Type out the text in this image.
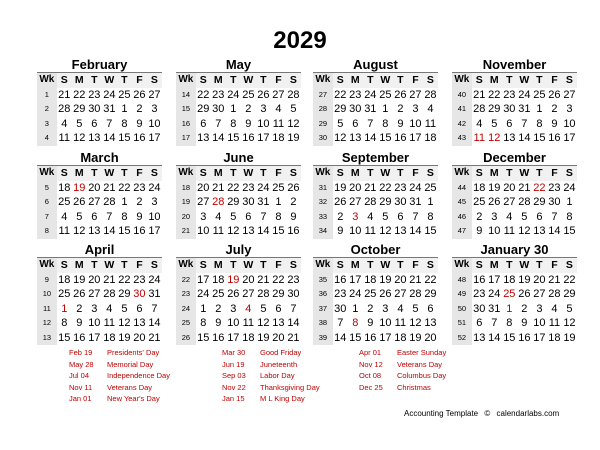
2029
February
Wk S M T W T F S
1 21 22 23 24 25 26 27
2 28 29 30 31 1 2 3
3	4 5 6 7 8 9 10
4 11 12 13 14 15 16 17
March
Wk S M T W T F S
5 18 19 20 21 22 23 24
6 25 26 27 28 1 2 3
7	4 5 6 7 8 9 10
8 11 12 13 14 15 16 17
April
Wk S M T W T F S
9 18 19 20 21 22 23 24
10 25 26 27 28 29 30 31
11 1 2 3 4 5 6 7
12 8 9 10 11 12 13 14
13 15 16 17 18 19 20 21
May
Wk S M T W T F S
14 22 23 24 25 26 27 28
15 29 30 1 2 3 4 5
16 6 7 8 9 10 11 12
17 13 14 15 16 17 18 19
June
Wk S M T W T F S
18 20 21 22 23 24 25 26
19 27 28 29 30 31 1 2
20 3 4 5 6 7 8 9
21 10 11 12 13 14 15 16
July
Wk S M T W T F S
22 17 18 19 20 21 22 23
23 24 25 26 27 28 29 30
24 1 2 3 4 5 6 7
25 8 9 10 11 12 13 14
26 15 16 17 18 19 20 21
August
Wk S M T W T F S
27 22 23 24 25 26 27 28
28 29 30 31 1 2 3 4
29 5 6 7 8 9 10 11
30 12 13 14 15 16 17 18
September
Wk S M T W T F S
31 19 20 21 22 23 24 25
32 26 27 28 29 30 31 1
33 2 3 4 5 6 7 8
34 9 10 11 12 13 14 15
October
Wk S M T W T F S
35 16 17 18 19 20 21 22
36 23 24 25 26 27 28 29
37 30 1 2 3 4 5 6
38 7 8 9 10 11 12 13
39 14 15 16 17 18 19 20
November
Wk S M T W T F S
40 21 22 23 24 25 26 27
41 28 29 30 31 1 2 3
42 4 5 6 7 8 9 10
43 11 12 13 14 15 16 17
December
Wk S M T W T F S
44 18 19 20 21 22 23 24
45 25 26 27 28 29 30 1
46 2 3 4 5 6 7 8
47 9 10 11 12 13 14 15
January 30
Wk S M T W T F S
48 16 17 18 19 20 21 22
49 23 24 25 26 27 28 29
50 30 31 1 2 3 4 5
51 6 7 8 9 10 11 12
52 13 14 15 16 17 18 19
Feb 19	Presidents' Day
May 28	Memorial Day
Jul 04	Independence Day
Nov 11	Veterans Day
Jan 01	New Year's Day
Mar 30	Good Friday
Jun 19	Juneteenth
Sep 03	Labor Day
Nov 22	Thanksgiving Day
Jan 15	M L King Day
Apr 01	Easter Sunday
Nov 12	Veterans Day
Oct 08	Columbus Day
Dec 25	Christmas
Accounting Template © calendarlabs.com
